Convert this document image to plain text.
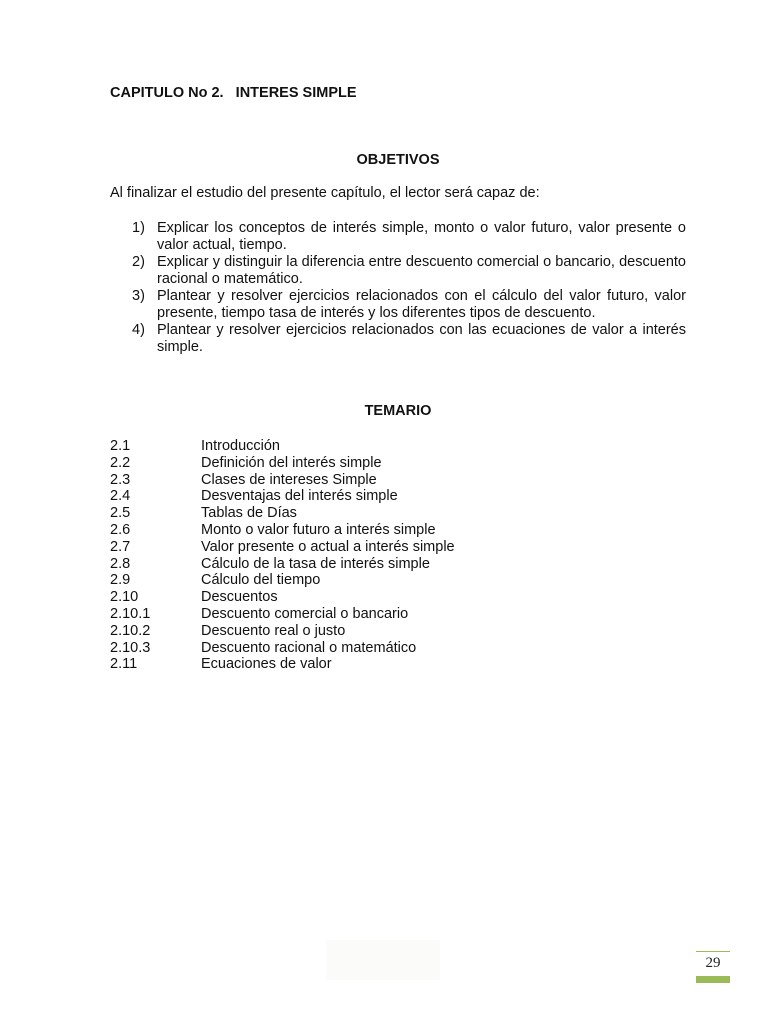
CAPITULO No 2.   INTERES SIMPLE
OBJETIVOS
Al finalizar el estudio del presente capítulo, el lector será capaz de:
1) Explicar los conceptos de interés simple, monto o valor futuro, valor presente o valor actual, tiempo.
2) Explicar y distinguir la diferencia entre descuento comercial o bancario, descuento racional o matemático.
3) Plantear y resolver ejercicios relacionados con el cálculo del valor futuro, valor presente, tiempo tasa de interés y los diferentes tipos de descuento.
4) Plantear y resolver ejercicios relacionados con las ecuaciones de valor a interés simple.
TEMARIO
2.1	Introducción
2.2	Definición del interés simple
2.3	Clases de intereses Simple
2.4	Desventajas del interés simple
2.5	Tablas de Días
2.6	Monto o valor futuro a interés simple
2.7	Valor presente o actual a interés simple
2.8	Cálculo de la tasa de interés simple
2.9	Cálculo del tiempo
2.10	Descuentos
2.10.1	Descuento comercial o bancario
2.10.2	Descuento real o justo
2.10.3	Descuento racional o matemático
2.11	Ecuaciones de valor
29
